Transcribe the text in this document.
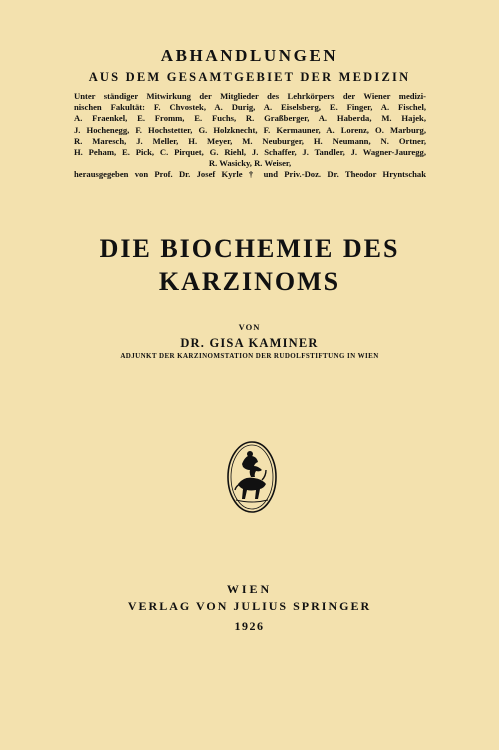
ABHANDLUNGEN
AUS DEM GESAMTGEBIET DER MEDIZIN
Unter ständiger Mitwirkung der Mitglieder des Lehrkörpers der Wiener medizi-
nischen Fakultät: F. Chvostek, A. Durig, A. Eiselsberg, E. Finger, A. Fischel,
A. Fraenkel, E. Fromm, E. Fuchs, R. Graßberger, A. Haberda, M. Hajek,
J. Hochenegg, F. Hochstetter, G. Holzknecht, F. Kermauner, A. Lorenz, O. Marburg,
R. Maresch, J. Meller, H. Meyer, M. Neuburger, H. Neumann, N. Ortner,
H. Peham, E. Pick, C. Pirquet, G. Riehl, J. Schaffer, J. Tandler, J. Wagner-Jauregg,
R. Wasicky, R. Weiser,
herausgegeben von Prof. Dr. Josef Kyrle † und Priv.-Doz. Dr. Theodor Hryntschak
DIE BIOCHEMIE DES
KARZINOMS
VON
DR. GISA KAMINER
ADJUNKT DER KARZINOMSTATION DER RUDOLFSTIFTUNG IN WIEN
WIEN
VERLAG VON JULIUS SPRINGER
1926
